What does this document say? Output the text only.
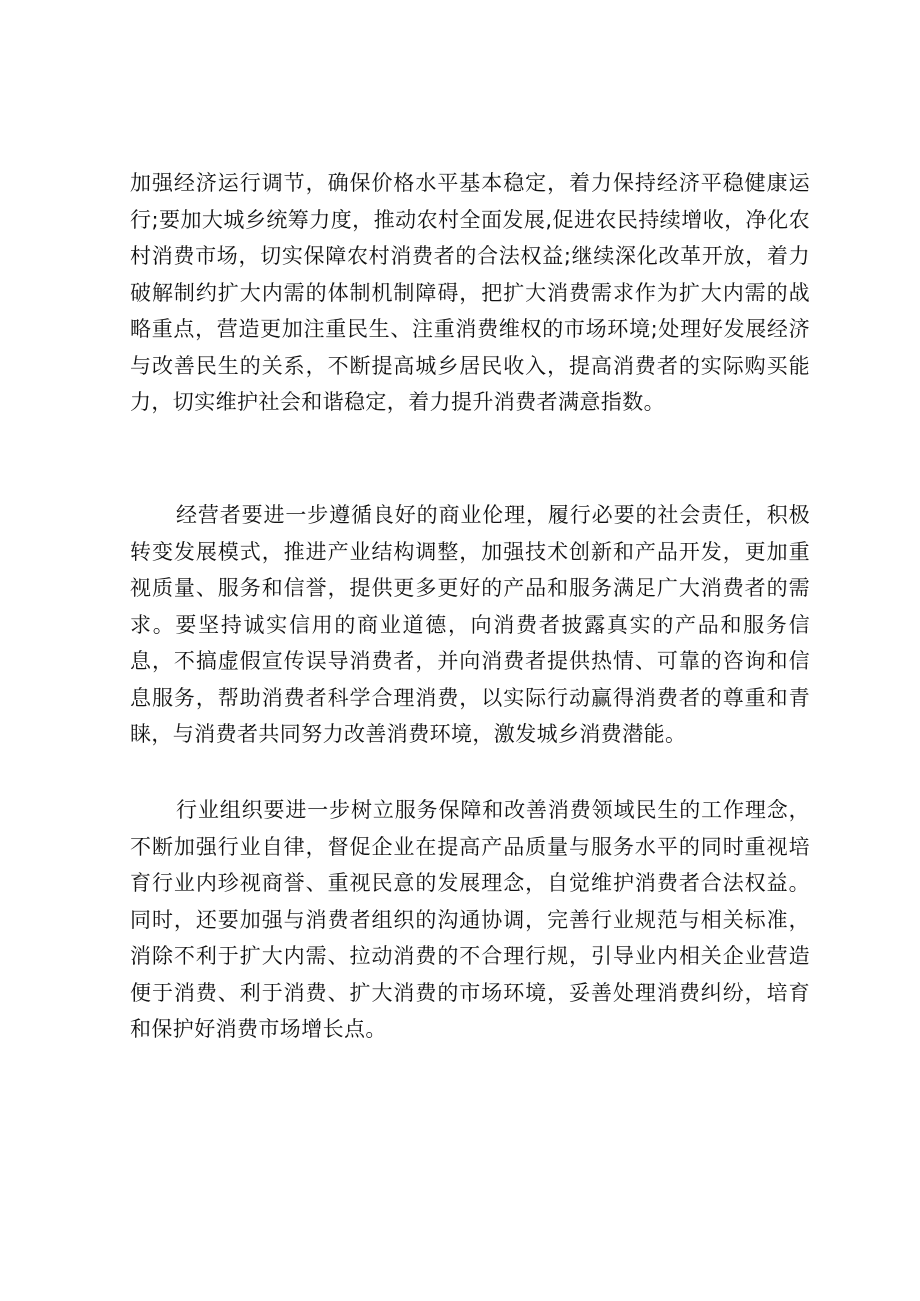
加强经济运行调节，确保价格水平基本稳定，着力保持经济平稳健康运行;要加大城乡统筹力度，推动农村全面发展,促进农民持续增收，净化农村消费市场，切实保障农村消费者的合法权益;继续深化改革开放，着力破解制约扩大内需的体制机制障碍，把扩大消费需求作为扩大内需的战略重点，营造更加注重民生、注重消费维权的市场环境;处理好发展经济与改善民生的关系，不断提高城乡居民收入，提高消费者的实际购买能力，切实维护社会和谐稳定，着力提升消费者满意指数。

经营者要进一步遵循良好的商业伦理，履行必要的社会责任，积极转变发展模式，推进产业结构调整，加强技术创新和产品开发，更加重视质量、服务和信誉，提供更多更好的产品和服务满足广大消费者的需求。要坚持诚实信用的商业道德，向消费者披露真实的产品和服务信息，不搞虚假宣传误导消费者，并向消费者提供热情、可靠的咨询和信息服务，帮助消费者科学合理消费，以实际行动赢得消费者的尊重和青睐，与消费者共同努力改善消费环境，激发城乡消费潜能。

行业组织要进一步树立服务保障和改善消费领域民生的工作理念，不断加强行业自律，督促企业在提高产品质量与服务水平的同时重视培育行业内珍视商誉、重视民意的发展理念，自觉维护消费者合法权益。同时，还要加强与消费者组织的沟通协调，完善行业规范与相关标准，消除不利于扩大内需、拉动消费的不合理行规，引导业内相关企业营造便于消费、利于消费、扩大消费的市场环境，妥善处理消费纠纷，培育和保护好消费市场增长点。
